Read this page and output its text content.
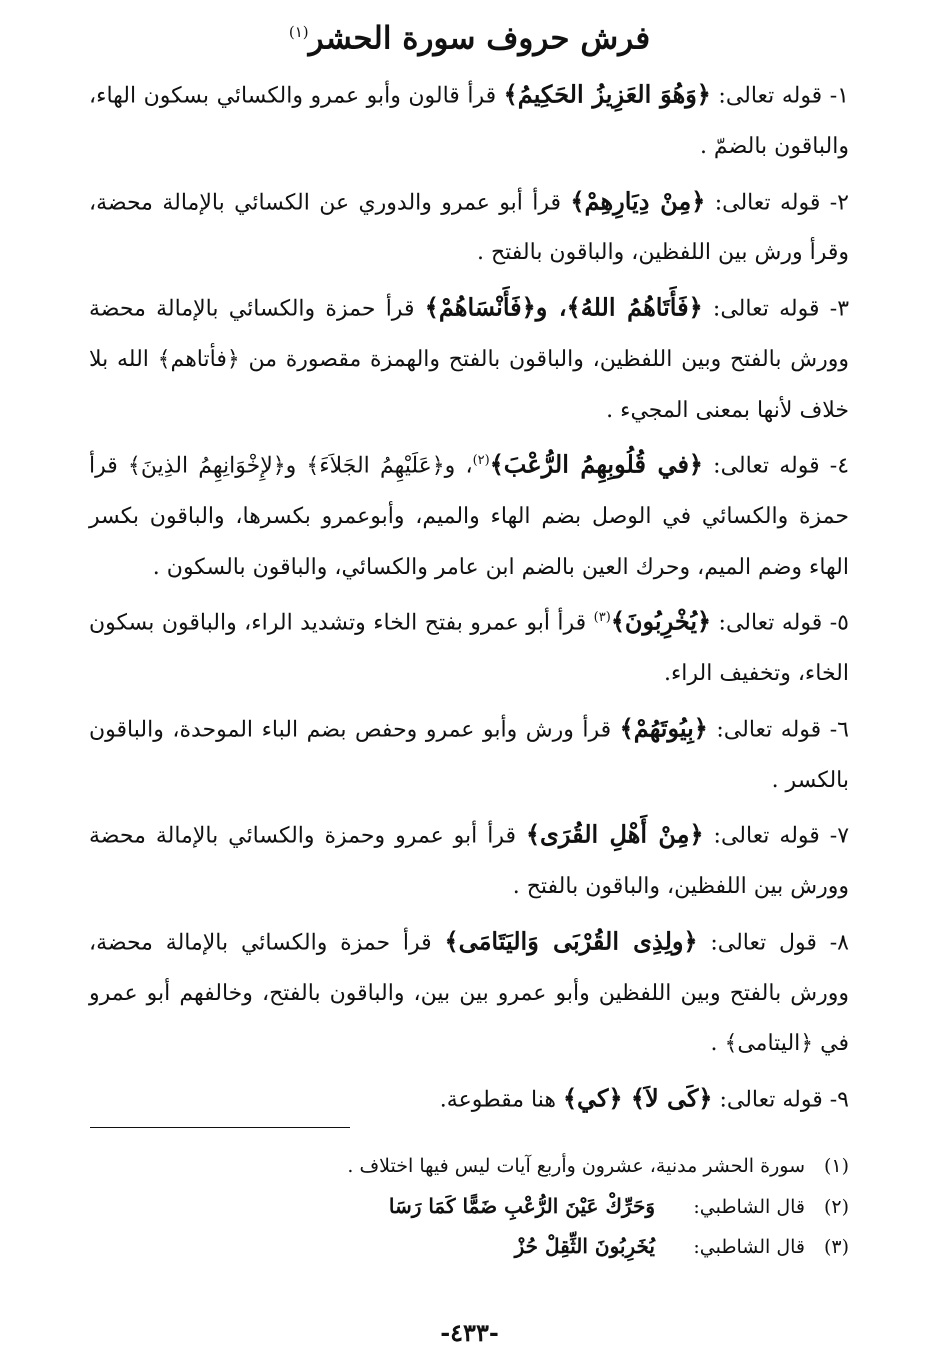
فرش حروف سورة الحشر$^{(١)}$

١- قوله تعالى: ﴿وَهُوَ العَزِيزُ الحَكِيمُ﴾ قرأ قالون وأبو عمرو والكسائي بسكون الهاء، والباقون بالضمّ .

٢- قوله تعالى: ﴿مِنْ دِيَارِهِمْ﴾ قرأ أبو عمرو والدوري عن الكسائي بالإمالة محضة، وقرأ ورش بين اللفظين، والباقون بالفتح .

٣- قوله تعالى: ﴿فَأَتَاهُمُ اللهُ﴾، و﴿فَأَنْسَاهُمْ﴾ قرأ حمزة والكسائي بالإمالة محضة وورش بالفتح وبين اللفظين، والباقون بالفتح والهمزة مقصورة من ﴿فأتاهم﴾ الله بلا خلاف لأنها بمعنى المجيء .

٤- قوله تعالى: ﴿في قُلُوبِهِمُ الرُّعْبَ﴾$^{(٢)}$، و﴿عَلَيْهِمُ الجَلاَءَ﴾ و﴿لإِخْوَانِهِمُ الذِينَ﴾ قرأ حمزة والكسائي في الوصل بضم الهاء والميم، وأبوعمرو بكسرها، والباقون بكسر الهاء وضم الميم، وحرك العين بالضم ابن عامر والكسائي، والباقون بالسكون .

٥- قوله تعالى: ﴿يُخْرِبُونَ﴾$^{(٣)}$ قرأ أبو عمرو بفتح الخاء وتشديد الراء، والباقون بسكون الخاء، وتخفيف الراء.

٦- قوله تعالى: ﴿بِيُوتَهُمْ﴾ قرأ ورش وأبو عمرو وحفص بضم الباء الموحدة، والباقون بالكسر .

٧- قوله تعالى: ﴿مِنْ أَهْلِ القُرَى﴾ قرأ أبو عمرو وحمزة والكسائي بالإمالة محضة وورش بين اللفظين، والباقون بالفتح .

٨- قول تعالى: ﴿ولِذِى القُرْبَى وَاليَتَامَى﴾ قرأ حمزة والكسائي بالإمالة محضة، وورش بالفتح وبين اللفظين وأبو عمرو بين بين، والباقون بالفتح، وخالفهم أبو عمرو في ﴿اليتامى﴾ .

٩- قوله تعالى: ﴿كَى لاَ﴾ ﴿كي﴾ هنا مقطوعة.

(١)سورة الحشر مدنية، عشرون وأربع آيات ليس فيها اختلاف .
(٢)قال الشاطبي:وَحَرِّكْ عَيْنَ الرُّعْبِ ضَمًّا كَمَا رَسَا
(٣)قال الشاطبي:يُخَرِبُونَ الثِّقِلْ حُزْ
-٤٣٣-
